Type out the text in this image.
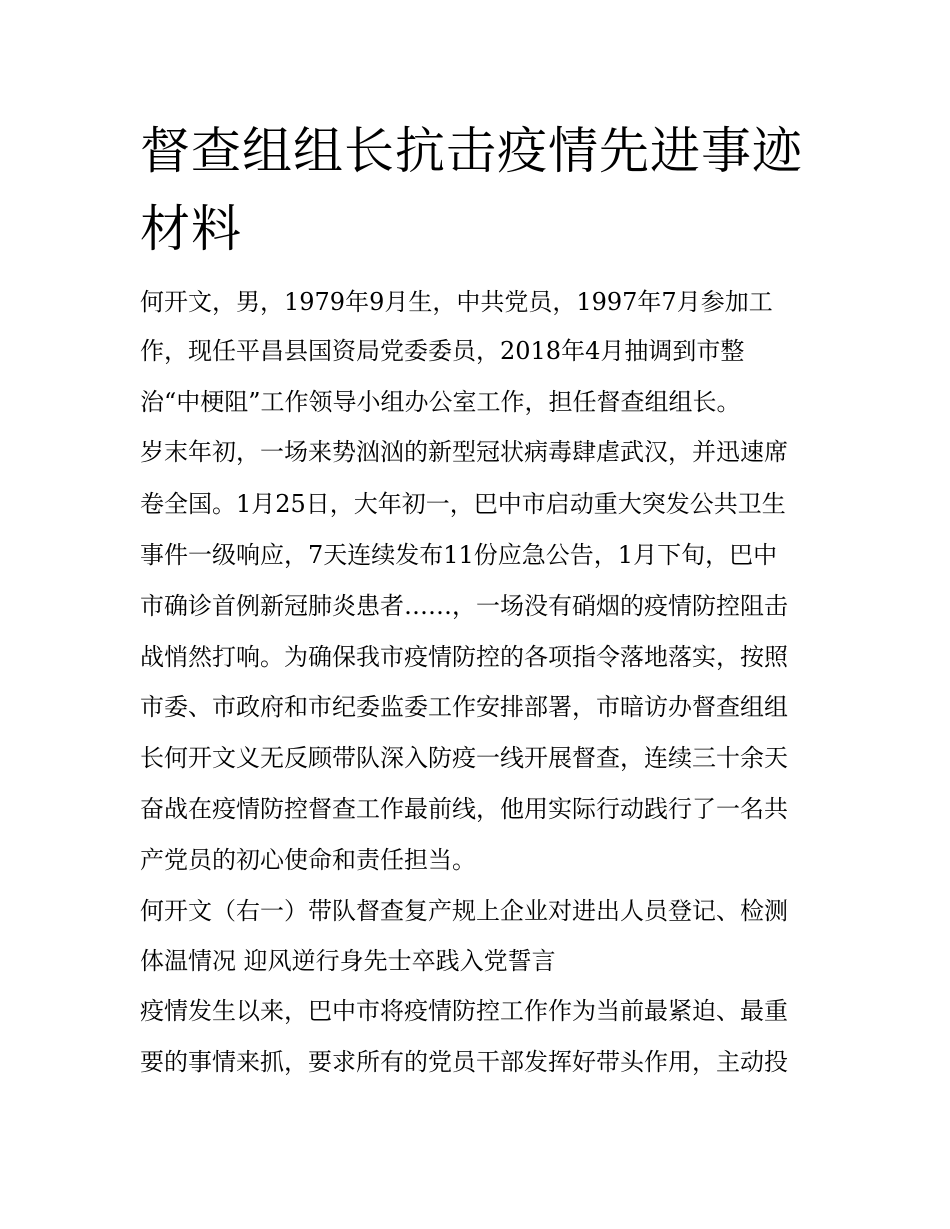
督查组组长抗击疫情先进事迹
材料

何开文，男，1979年9月生，中共党员，1997年7月参加工

作，现任平昌县国资局党委委员，2018年4月抽调到市整

治“中梗阻”工作领导小组办公室工作，担任督查组组长。

岁末年初，一场来势汹汹的新型冠状病毒肆虐武汉，并迅速席

卷全国。1月25日，大年初一，巴中市启动重大突发公共卫生

事件一级响应，7天连续发布11份应急公告，1月下旬，巴中

市确诊首例新冠肺炎患者……，一场没有硝烟的疫情防控阻击

战悄然打响。为确保我市疫情防控的各项指令落地落实，按照

市委、市政府和市纪委监委工作安排部署，市暗访办督查组组

长何开文义无反顾带队深入防疫一线开展督查，连续三十余天

奋战在疫情防控督查工作最前线，他用实际行动践行了一名共

产党员的初心使命和责任担当。

何开文（右一）带队督查复产规上企业对进出人员登记、检测

体温情况 迎风逆行身先士卒践入党誓言

疫情发生以来，巴中市将疫情防控工作作为当前最紧迫、最重

要的事情来抓，要求所有的党员干部发挥好带头作用，主动投
